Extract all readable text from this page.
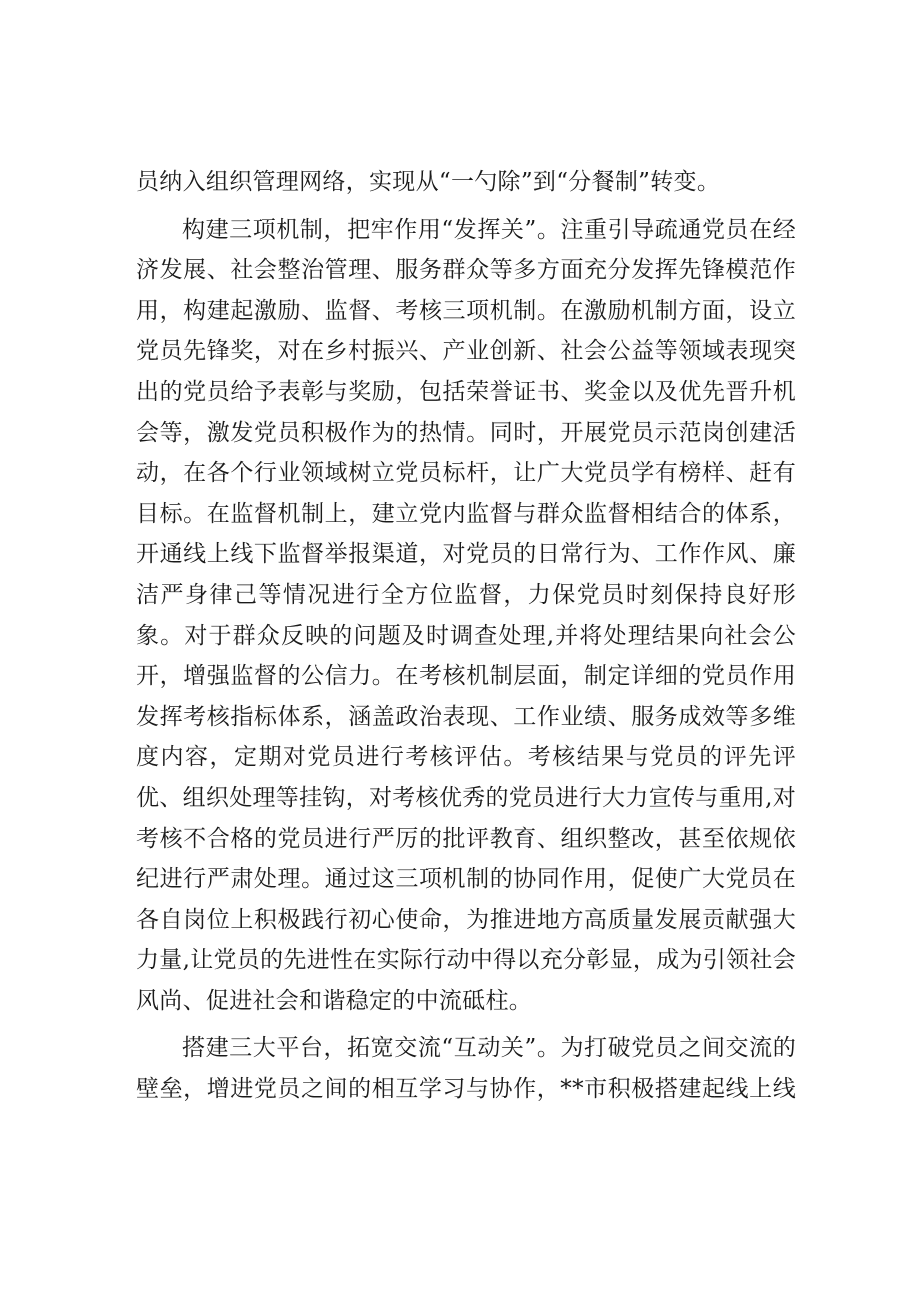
员纳入组织管理网络，实现从“一勺除”到“分餐制”转变。

构建三项机制，把牢作用“发挥关”。注重引导疏通党员在经济发展、社会整治管理、服务群众等多方面充分发挥先锋模范作用，构建起激励、监督、考核三项机制。在激励机制方面，设立党员先锋奖，对在乡村振兴、产业创新、社会公益等领域表现突出的党员给予表彰与奖励，包括荣誉证书、奖金以及优先晋升机会等，激发党员积极作为的热情。同时，开展党员示范岗创建活动，在各个行业领域树立党员标杆，让广大党员学有榜样、赶有目标。在监督机制上，建立党内监督与群众监督相结合的体系，开通线上线下监督举报渠道，对党员的日常行为、工作作风、廉洁严身律己等情况进行全方位监督，力保党员时刻保持良好形象。对于群众反映的问题及时调查处理,并将处理结果向社会公开，增强监督的公信力。在考核机制层面，制定详细的党员作用发挥考核指标体系，涵盖政治表现、工作业绩、服务成效等多维度内容，定期对党员进行考核评估。考核结果与党员的评先评优、组织处理等挂钩，对考核优秀的党员进行大力宣传与重用,对考核不合格的党员进行严厉的批评教育、组织整改，甚至依规依纪进行严肃处理。通过这三项机制的协同作用，促使广大党员在各自岗位上积极践行初心使命，为推进地方高质量发展贡献强大力量,让党员的先进性在实际行动中得以充分彰显，成为引领社会风尚、促进社会和谐稳定的中流砥柱。

搭建三大平台，拓宽交流“互动关”。为打破党员之间交流的壁垒，增进党员之间的相互学习与协作，**市积极搭建起线上线
